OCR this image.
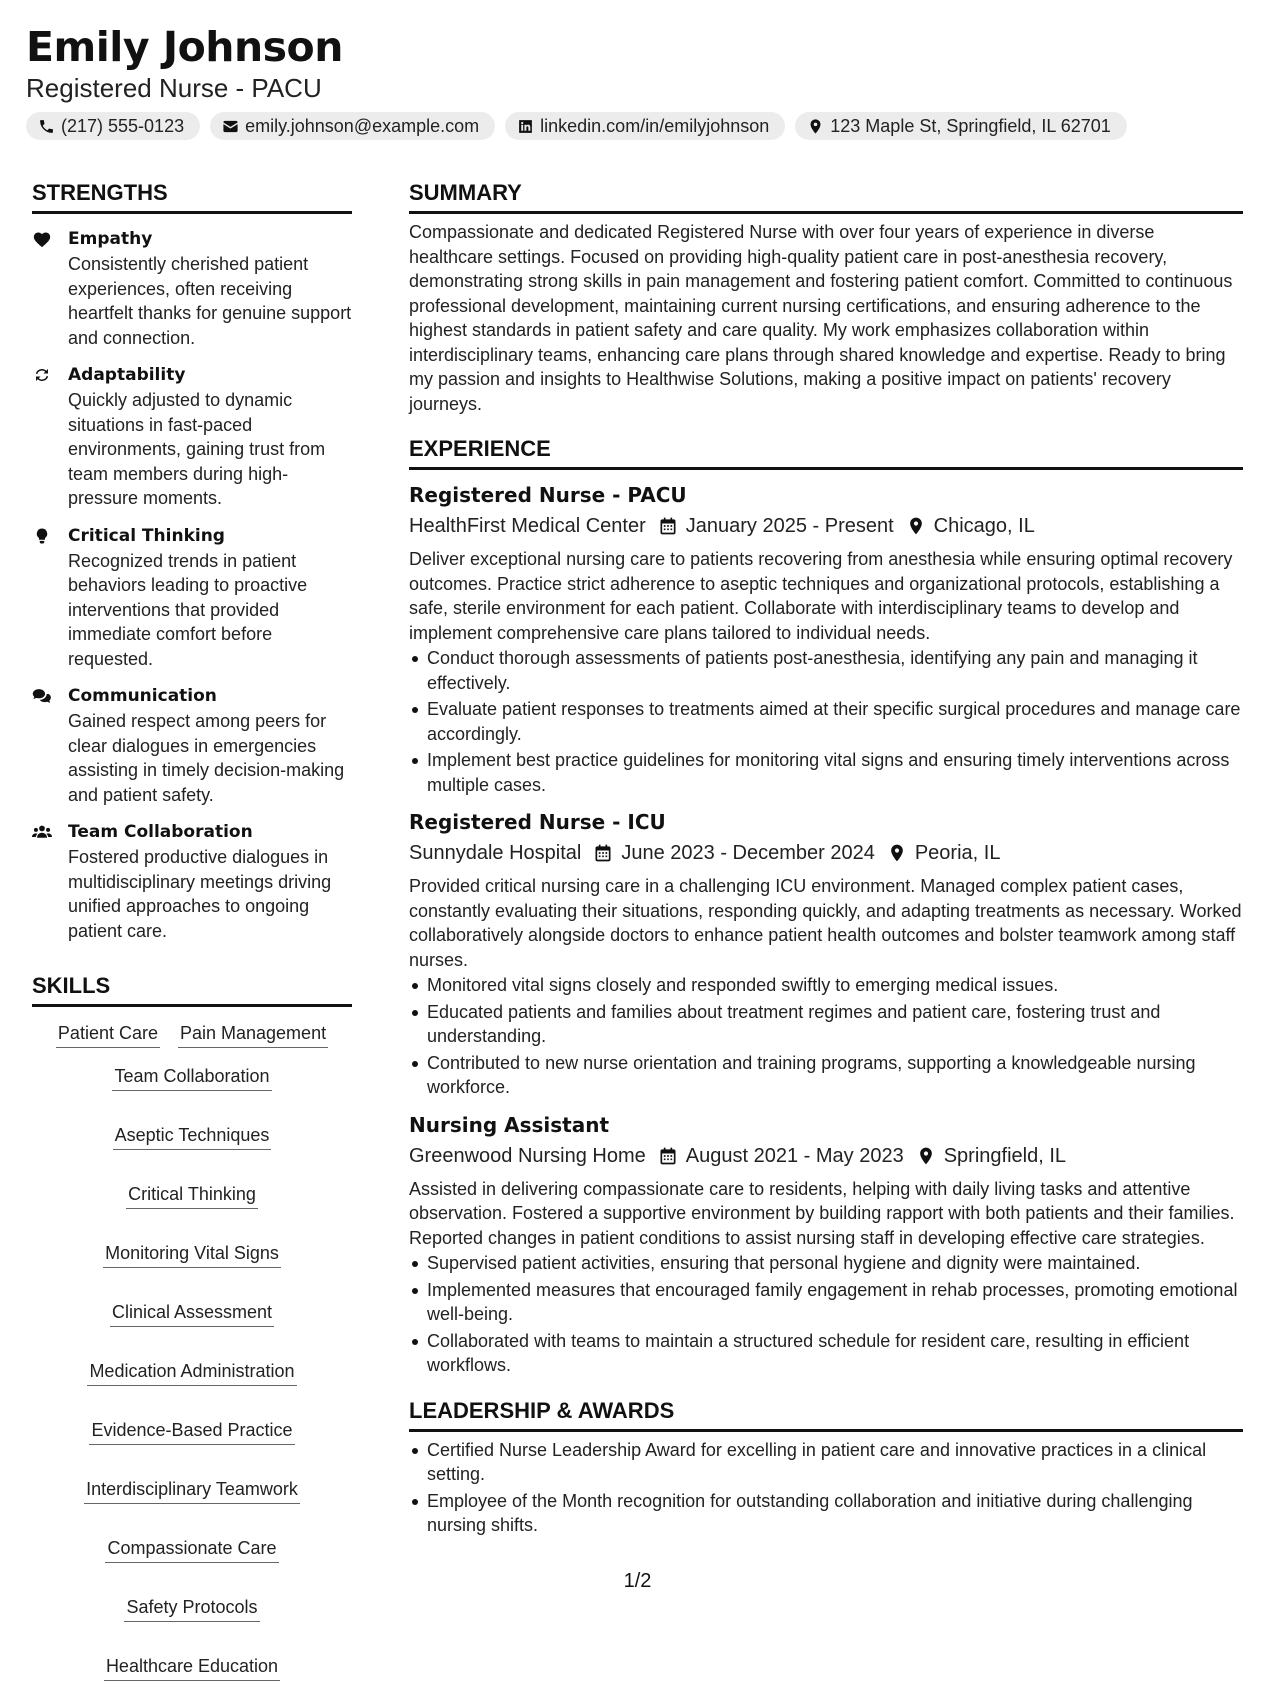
Emily Johnson
Registered Nurse - PACU
(217) 555-0123	emily.johnson@example.com	linkedin.com/in/emilyjohnson	123 Maple St, Springfield, IL 62701
STRENGTHS
Empathy
Consistently cherished patient experiences, often receiving heartfelt thanks for genuine support and connection.
Adaptability
Quickly adjusted to dynamic situations in fast-paced environments, gaining trust from team members during high-pressure moments.
Critical Thinking
Recognized trends in patient behaviors leading to proactive interventions that provided immediate comfort before requested.
Communication
Gained respect among peers for clear dialogues in emergencies assisting in timely decision-making and patient safety.
Team Collaboration
Fostered productive dialogues in multidisciplinary meetings driving unified approaches to ongoing patient care.
SKILLS
Patient Care Pain Management
Team Collaboration
Aseptic Techniques
Critical Thinking
Monitoring Vital Signs
Clinical Assessment
Medication Administration
Evidence-Based Practice
Interdisciplinary Teamwork
Compassionate Care
Safety Protocols
Healthcare Education
SUMMARY
Compassionate and dedicated Registered Nurse with over four years of experience in diverse healthcare settings. Focused on providing high-quality patient care in post-anesthesia recovery, demonstrating strong skills in pain management and fostering patient comfort. Committed to continuous professional development, maintaining current nursing certifications, and ensuring adherence to the highest standards in patient safety and care quality. My work emphasizes collaboration within interdisciplinary teams, enhancing care plans through shared knowledge and expertise. Ready to bring my passion and insights to Healthwise Solutions, making a positive impact on patients' recovery journeys.
EXPERIENCE
Registered Nurse - PACU
HealthFirst Medical Center January 2025 - Present Chicago, IL
Deliver exceptional nursing care to patients recovering from anesthesia while ensuring optimal recovery outcomes. Practice strict adherence to aseptic techniques and organizational protocols, establishing a safe, sterile environment for each patient. Collaborate with interdisciplinary teams to develop and implement comprehensive care plans tailored to individual needs.
Conduct thorough assessments of patients post-anesthesia, identifying any pain and managing it effectively.
Evaluate patient responses to treatments aimed at their specific surgical procedures and manage care accordingly.
Implement best practice guidelines for monitoring vital signs and ensuring timely interventions across multiple cases.
Registered Nurse - ICU
Sunnydale Hospital June 2023 - December 2024 Peoria, IL
Provided critical nursing care in a challenging ICU environment. Managed complex patient cases, constantly evaluating their situations, responding quickly, and adapting treatments as necessary. Worked collaboratively alongside doctors to enhance patient health outcomes and bolster teamwork among staff nurses.
Monitored vital signs closely and responded swiftly to emerging medical issues.
Educated patients and families about treatment regimes and patient care, fostering trust and understanding.
Contributed to new nurse orientation and training programs, supporting a knowledgeable nursing workforce.
Nursing Assistant
Greenwood Nursing Home August 2021 - May 2023 Springfield, IL
Assisted in delivering compassionate care to residents, helping with daily living tasks and attentive observation. Fostered a supportive environment by building rapport with both patients and their families. Reported changes in patient conditions to assist nursing staff in developing effective care strategies.
Supervised patient activities, ensuring that personal hygiene and dignity were maintained.
Implemented measures that encouraged family engagement in rehab processes, promoting emotional well-being.
Collaborated with teams to maintain a structured schedule for resident care, resulting in efficient workflows.
LEADERSHIP & AWARDS
Certified Nurse Leadership Award for excelling in patient care and innovative practices in a clinical setting.
Employee of the Month recognition for outstanding collaboration and initiative during challenging nursing shifts.
1/2
